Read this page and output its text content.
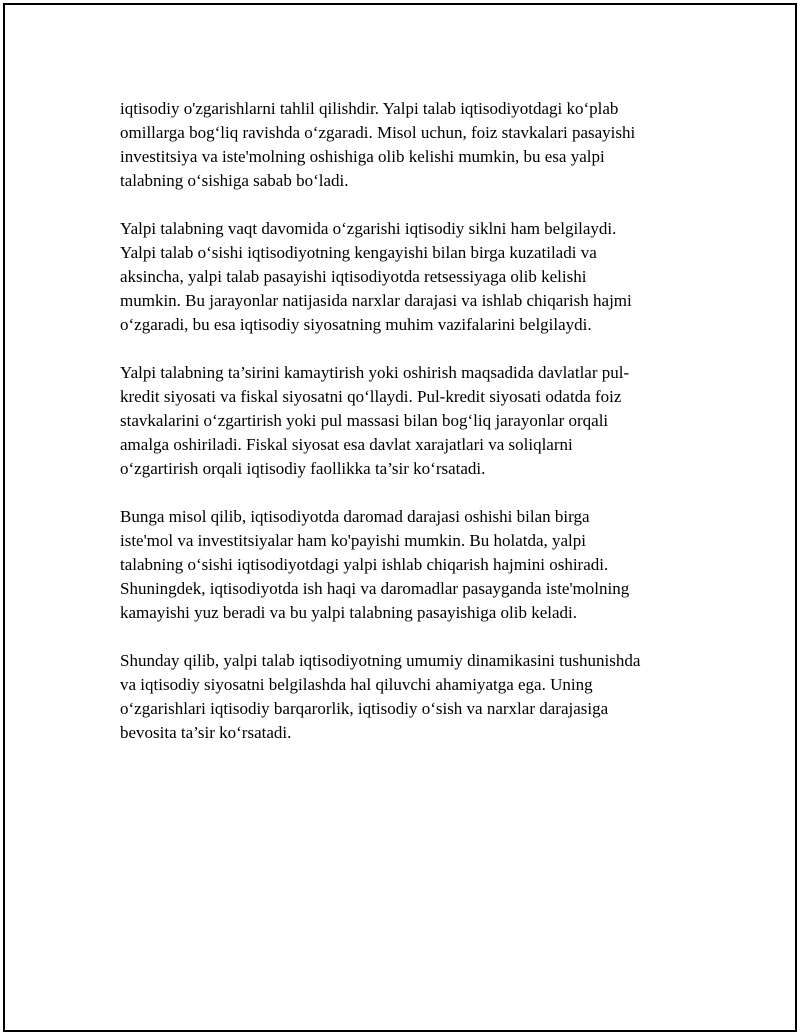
iqtisodiy o'zgarishlarni tahlil qilishdir. Yalpi talab iqtisodiyotdagi ko‘plab
omillarga bog‘liq ravishda o‘zgaradi. Misol uchun, foiz stavkalari pasayishi
investitsiya va iste'molning oshishiga olib kelishi mumkin, bu esa yalpi
talabning o‘sishiga sabab bo‘ladi.

Yalpi talabning vaqt davomida o‘zgarishi iqtisodiy siklni ham belgilaydi.
Yalpi talab o‘sishi iqtisodiyotning kengayishi bilan birga kuzatiladi va
aksincha, yalpi talab pasayishi iqtisodiyotda retsessiyaga olib kelishi
mumkin. Bu jarayonlar natijasida narxlar darajasi va ishlab chiqarish hajmi
o‘zgaradi, bu esa iqtisodiy siyosatning muhim vazifalarini belgilaydi.

Yalpi talabning ta’sirini kamaytirish yoki oshirish maqsadida davlatlar pul-
kredit siyosati va fiskal siyosatni qo‘llaydi. Pul-kredit siyosati odatda foiz
stavkalarini o‘zgartirish yoki pul massasi bilan bog‘liq jarayonlar orqali
amalga oshiriladi. Fiskal siyosat esa davlat xarajatlari va soliqlarni
o‘zgartirish orqali iqtisodiy faollikka ta’sir ko‘rsatadi.

Bunga misol qilib, iqtisodiyotda daromad darajasi oshishi bilan birga
iste'mol va investitsiyalar ham ko'payishi mumkin. Bu holatda, yalpi
talabning o‘sishi iqtisodiyotdagi yalpi ishlab chiqarish hajmini oshiradi.
Shuningdek, iqtisodiyotda ish haqi va daromadlar pasayganda iste'molning
kamayishi yuz beradi va bu yalpi talabning pasayishiga olib keladi.

Shunday qilib, yalpi talab iqtisodiyotning umumiy dinamikasini tushunishda
va iqtisodiy siyosatni belgilashda hal qiluvchi ahamiyatga ega. Uning
o‘zgarishlari iqtisodiy barqarorlik, iqtisodiy o‘sish va narxlar darajasiga
bevosita ta’sir ko‘rsatadi.
